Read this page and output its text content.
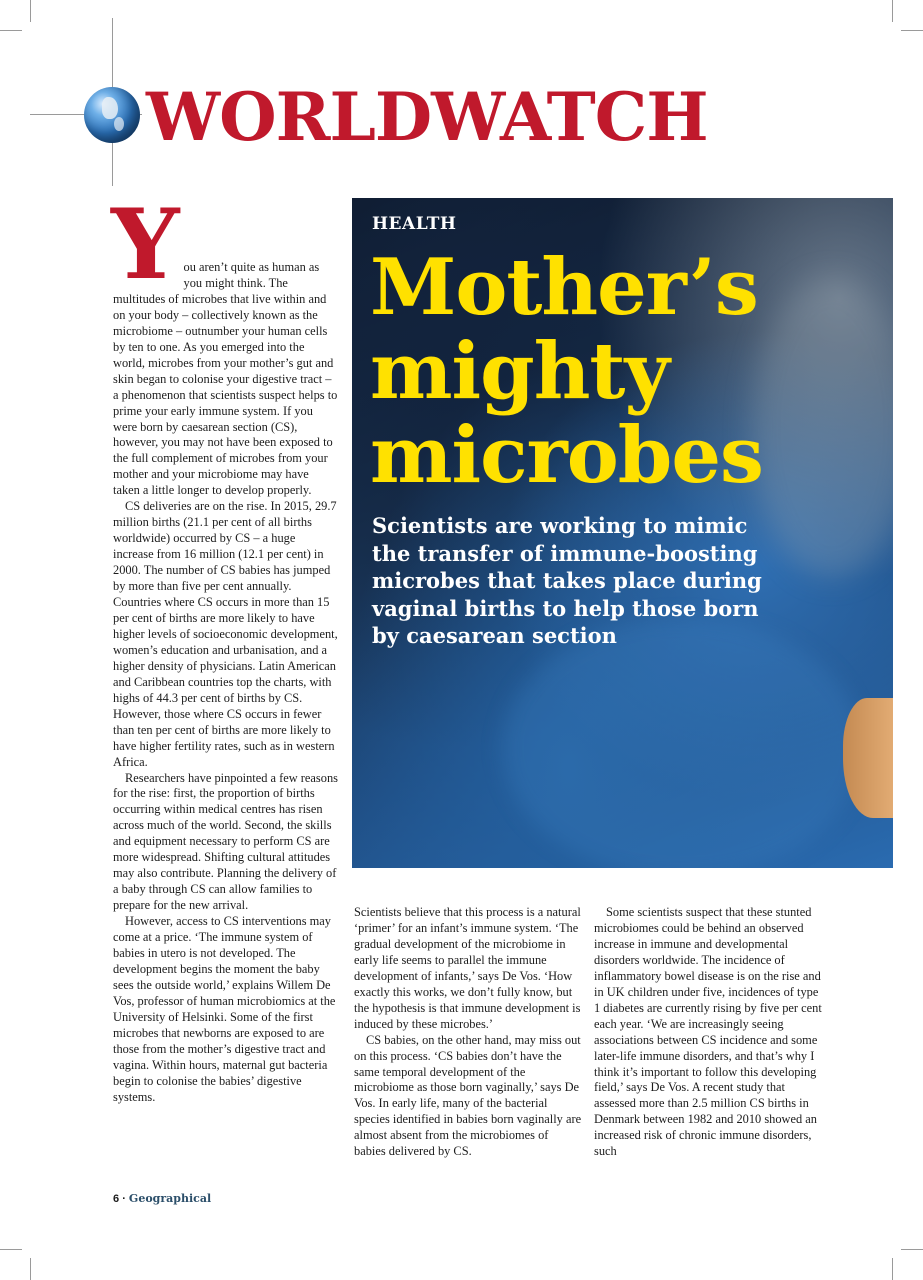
WORLDWATCH
HEALTH
Mother’s
mighty
microbes
Scientists are working to mimic the transfer of immune-boosting microbes that takes place during vaginal births to help those born by caesarean section
Y ou aren’t quite as human as you might think. The multitudes of microbes that live within and on your body – collectively known as the microbiome – outnumber your human cells by ten to one. As you emerged into the world, microbes from your mother’s gut and skin began to colonise your digestive tract – a phenomenon that scientists suspect helps to prime your early immune system. If you were born by caesarean section (CS), however, you may not have been exposed to the full complement of microbes from your mother and your microbiome may have taken a little longer to develop properly.

CS deliveries are on the rise. In 2015, 29.7 million births (21.1 per cent of all births worldwide) occurred by CS – a huge increase from 16 million (12.1 per cent) in 2000. The number of CS babies has jumped by more than five per cent annually. Countries where CS occurs in more than 15 per cent of births are more likely to have higher levels of socioeconomic development, women’s education and urbanisation, and a higher density of physicians. Latin American and Caribbean countries top the charts, with highs of 44.3 per cent of births by CS. However, those where CS occurs in fewer than ten per cent of births are more likely to have higher fertility rates, such as in western Africa.

Researchers have pinpointed a few reasons for the rise: first, the proportion of births occurring within medical centres has risen across much of the world. Second, the skills and equipment necessary to perform CS are more widespread. Shifting cultural attitudes may also contribute. Planning the delivery of a baby through CS can allow families to prepare for the new arrival.

However, access to CS interventions may come at a price. ‘The immune system of babies in utero is not developed. The development begins the moment the baby sees the outside world,’ explains Willem De Vos, professor of human microbiomics at the University of Helsinki. Some of the first microbes that newborns are exposed to are those from the mother’s digestive tract and vagina. Within hours, maternal gut bacteria begin to colonise the babies’ digestive systems.

Scientists believe that this process is a natural ‘primer’ for an infant’s immune system. ‘The gradual development of the microbiome in early life seems to parallel the immune development of infants,’ says De Vos. ‘How exactly this works, we don’t fully know, but the hypothesis is that immune development is induced by these microbes.’

CS babies, on the other hand, may miss out on this process. ‘CS babies don’t have the same temporal development of the microbiome as those born vaginally,’ says De Vos. In early life, many of the bacterial species identified in babies born vaginally are almost absent from the microbiomes of babies delivered by CS.

Some scientists suspect that these stunted microbiomes could be behind an observed increase in immune and developmental disorders worldwide. The incidence of inflammatory bowel disease is on the rise and in UK children under five, incidences of type 1 diabetes are currently rising by five per cent each year. ‘We are increasingly seeing associations between CS incidence and some later-life immune disorders, and that’s why I think it’s important to follow this developing field,’ says De Vos. A recent study that assessed more than 2.5 million CS births in Denmark between 1982 and 2010 showed an increased risk of chronic immune disorders, such

6 · Geographical
